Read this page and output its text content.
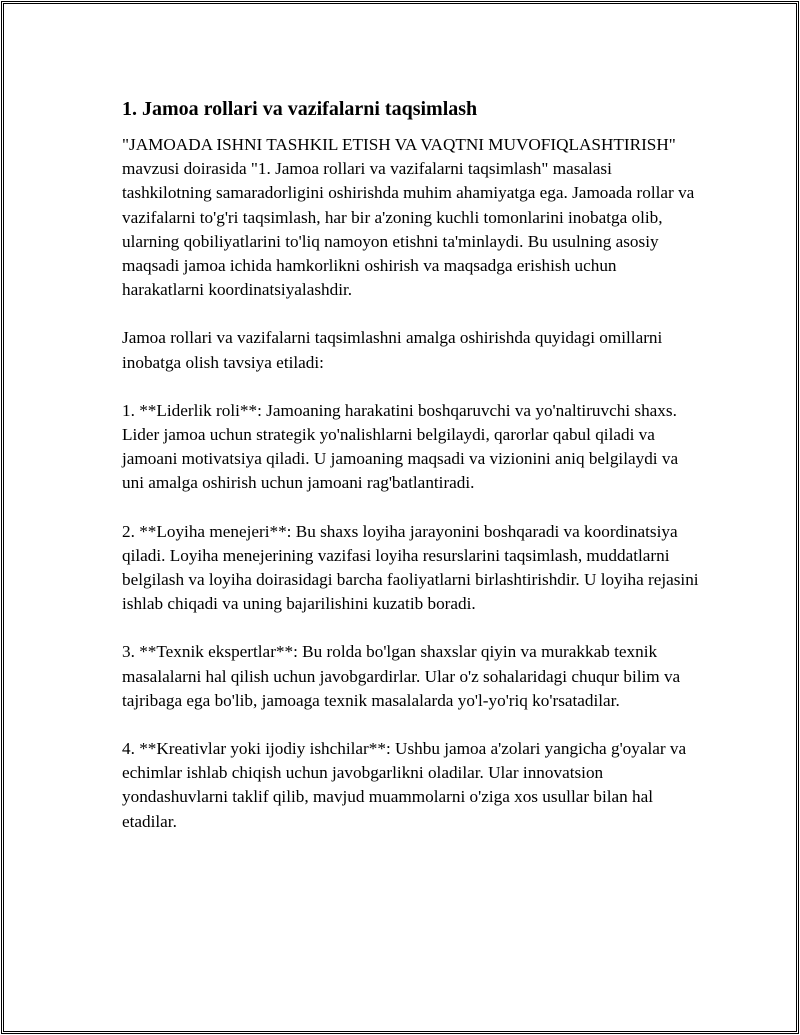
1. Jamoa rollari va vazifalarni taqsimlash

"JAMOADA ISHNI TASHKIL ETISH VA VAQTNI MUVOFIQLASHTIRISH" mavzusi doirasida "1. Jamoa rollari va vazifalarni taqsimlash" masalasi tashkilotning samaradorligini oshirishda muhim ahamiyatga ega. Jamoada rollar va vazifalarni to'g'ri taqsimlash, har bir a'zoning kuchli tomonlarini inobatga olib, ularning qobiliyatlarini to'liq namoyon etishni ta'minlaydi. Bu usulning asosiy maqsadi jamoa ichida hamkorlikni oshirish va maqsadga erishish uchun harakatlarni koordinatsiyalashdir.

Jamoa rollari va vazifalarni taqsimlashni amalga oshirishda quyidagi omillarni inobatga olish tavsiya etiladi:

1. **Liderlik roli**: Jamoaning harakatini boshqaruvchi va yo'naltiruvchi shaxs. Lider jamoa uchun strategik yo'nalishlarni belgilaydi, qarorlar qabul qiladi va jamoani motivatsiya qiladi. U jamoaning maqsadi va vizionini aniq belgilaydi va uni amalga oshirish uchun jamoani rag'batlantiradi.

2. **Loyiha menejeri**: Bu shaxs loyiha jarayonini boshqaradi va koordinatsiya qiladi. Loyiha menejerining vazifasi loyiha resurslarini taqsimlash, muddatlarni belgilash va loyiha doirasidagi barcha faoliyatlarni birlashtirishdir. U loyiha rejasini ishlab chiqadi va uning bajarilishini kuzatib boradi.

3. **Texnik ekspertlar**: Bu rolda bo'lgan shaxslar qiyin va murakkab texnik masalalarni hal qilish uchun javobgardirlar. Ular o'z sohalaridagi chuqur bilim va tajribaga ega bo'lib, jamoaga texnik masalalarda yo'l-yo'riq ko'rsatadilar.

4. **Kreativlar yoki ijodiy ishchilar**: Ushbu jamoa a'zolari yangicha g'oyalar va echimlar ishlab chiqish uchun javobgarlikni oladilar. Ular innovatsion yondashuvlarni taklif qilib, mavjud muammolarni o'ziga xos usullar bilan hal etadilar.
